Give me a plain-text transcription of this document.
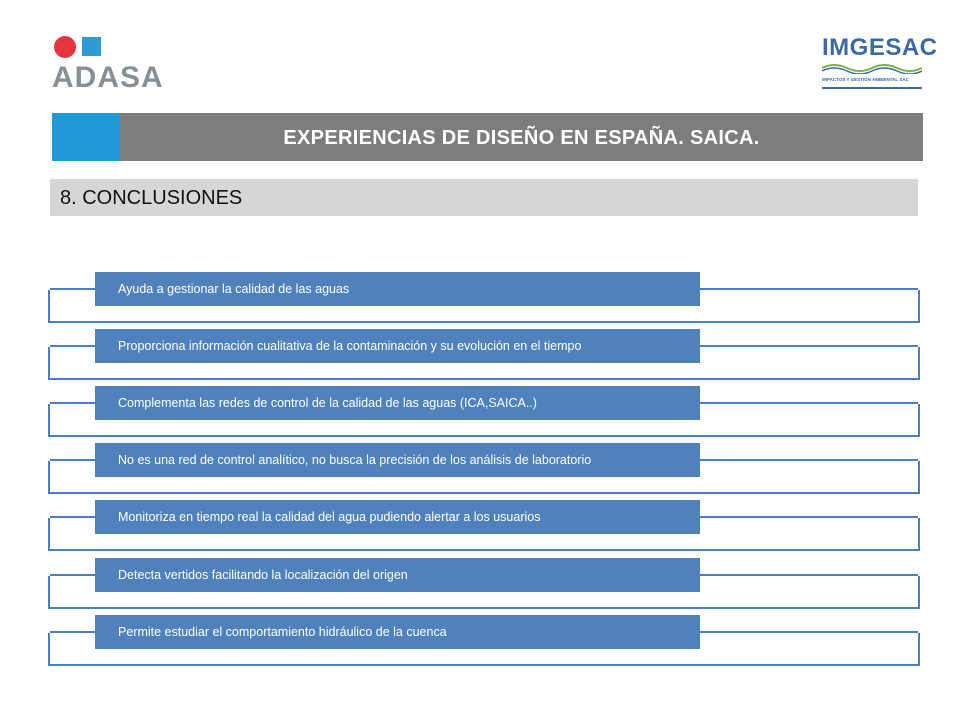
ADASA
IMGESAC
IMPACTOS Y GESTIÓN AMBIENTAL SAC
EXPERIENCIAS DE DISEÑO EN ESPAÑA. SAICA.
8. CONCLUSIONES
Ayuda a gestionar la calidad de las aguas
Proporciona información cualitativa de la contaminación y su evolución en el tiempo
Complementa las redes de control de la calidad de las aguas (ICA,SAICA..)
No es una red de control analítico, no busca la precisión de los análisis de laboratorio
Monitoriza en tiempo real la calidad del agua pudiendo alertar a los usuarios
Detecta vertidos facilitando la localización del origen
Permite estudiar el comportamiento hidráulico de la cuenca
